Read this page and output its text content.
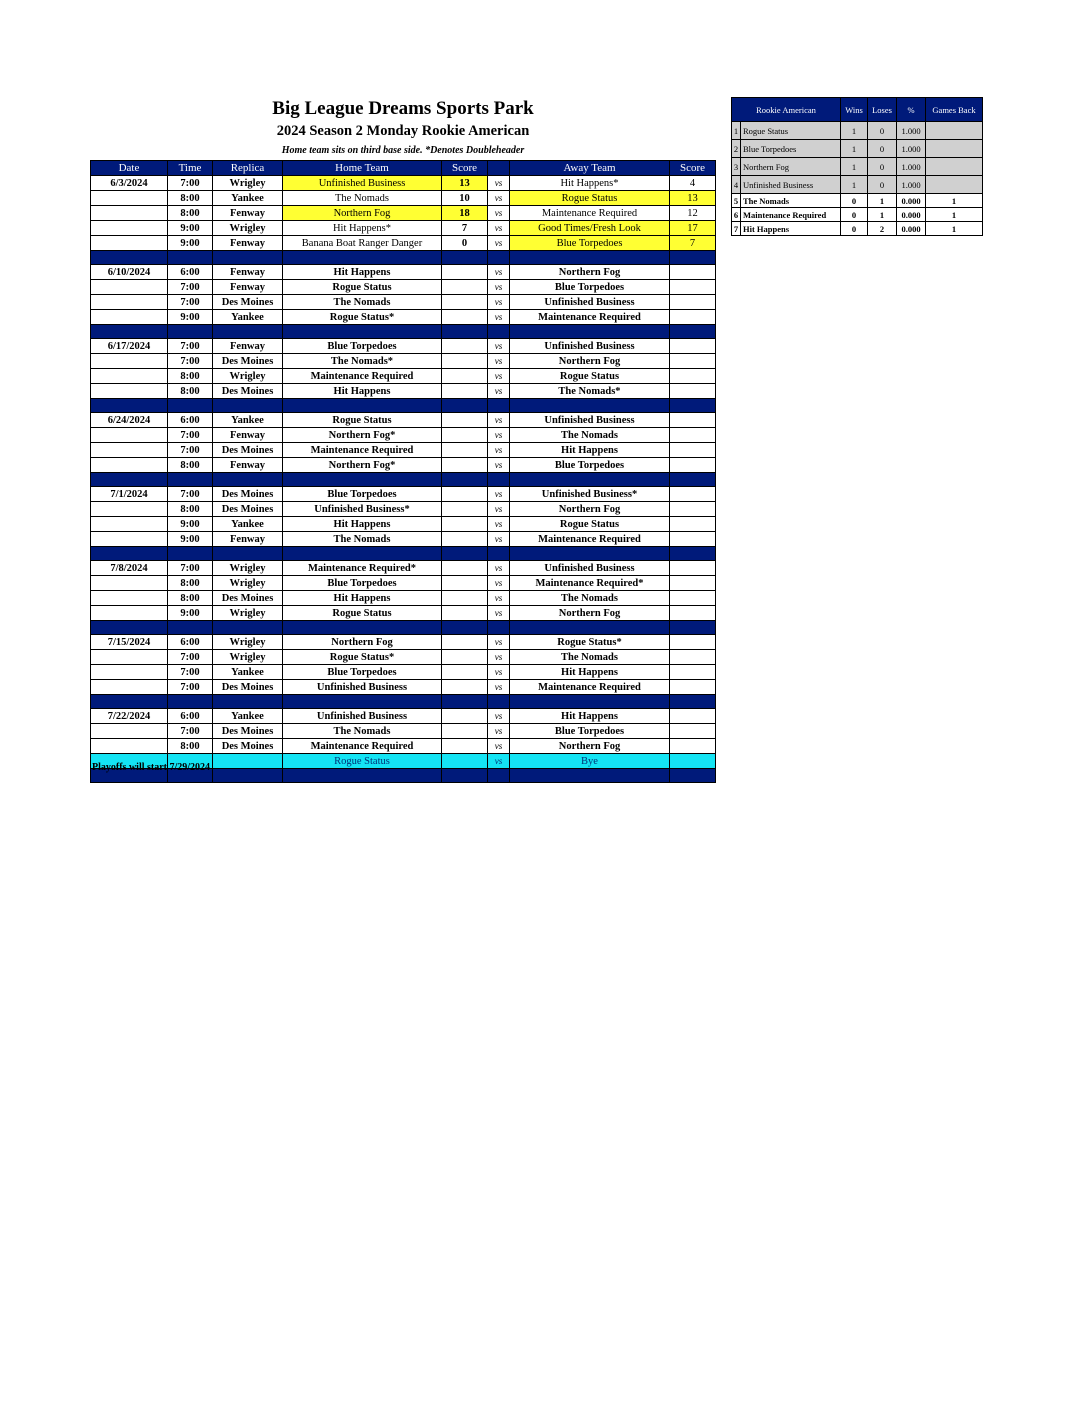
Big League Dreams Sports Park
2024 Season 2 Monday Rookie American
Home team sits on third base side. *Denotes Doubleheader
Date	Time	Replica	Home Team	Score		Away Team	Score
6/3/2024	7:00	Wrigley	Unfinished Business	13	vs	Hit Happens*	4
	8:00	Yankee	The Nomads	10	vs	Rogue Status	13
	8:00	Fenway	Northern Fog	18	vs	Maintenance Required	12
	9:00	Wrigley	Hit Happens*	7	vs	Good Times/Fresh Look	17
	9:00	Fenway	Banana Boat Ranger Danger	0	vs	Blue Torpedoes	7

6/10/2024	6:00	Fenway	Hit Happens		vs	Northern Fog	
	7:00	Fenway	Rogue Status		vs	Blue Torpedoes	
	7:00	Des Moines	The Nomads		vs	Unfinished Business	
	9:00	Yankee	Rogue Status*		vs	Maintenance Required	

6/17/2024	7:00	Fenway	Blue Torpedoes		vs	Unfinished Business	
	7:00	Des Moines	The Nomads*		vs	Northern Fog	
	8:00	Wrigley	Maintenance Required		vs	Rogue Status	
	8:00	Des Moines	Hit Happens		vs	The Nomads*	

6/24/2024	6:00	Yankee	Rogue Status		vs	Unfinished Business	
	7:00	Fenway	Northern Fog*		vs	The Nomads	
	7:00	Des Moines	Maintenance Required		vs	Hit Happens	
	8:00	Fenway	Northern Fog*		vs	Blue Torpedoes	

7/1/2024	7:00	Des Moines	Blue Torpedoes		vs	Unfinished Business*	
	8:00	Des Moines	Unfinished Business*		vs	Northern Fog	
	9:00	Yankee	Hit Happens		vs	Rogue Status	
	9:00	Fenway	The Nomads		vs	Maintenance Required	

7/8/2024	7:00	Wrigley	Maintenance Required*		vs	Unfinished Business	
	8:00	Wrigley	Blue Torpedoes		vs	Maintenance Required*	
	8:00	Des Moines	Hit Happens		vs	The Nomads	
	9:00	Wrigley	Rogue Status		vs	Northern Fog	

7/15/2024	6:00	Wrigley	Northern Fog		vs	Rogue Status*	
	7:00	Wrigley	Rogue Status*		vs	The Nomads	
	7:00	Yankee	Blue Torpedoes		vs	Hit Happens	
	7:00	Des Moines	Unfinished Business		vs	Maintenance Required	

7/22/2024	6:00	Yankee	Unfinished Business		vs	Hit Happens	
	7:00	Des Moines	The Nomads		vs	Blue Torpedoes	
	8:00	Des Moines	Maintenance Required		vs	Northern Fog	
			Rogue Status		vs	Bye	

Playoffs will start 7/29/2024
Rookie American		Wins	Loses	%	Games Back
1	Rogue Status	1	0	1.000	
2	Blue Torpedoes	1	0	1.000	
3	Northern Fog	1	0	1.000	
4	Unfinished Business	1	0	1.000	
5	The Nomads	0	1	0.000	1
6	Maintenance Required	0	1	0.000	1
7	Hit Happens	0	2	0.000	1
